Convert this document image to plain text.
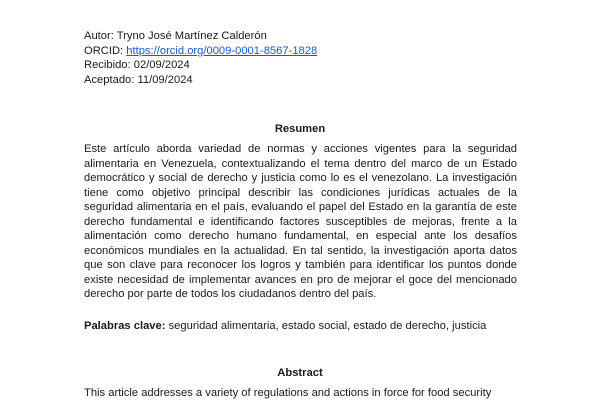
Autor: Tryno José Martínez Calderón
ORCID: https://orcid.org/0009-0001-8567-1828
Recibido: 02/09/2024
Aceptado: 11/09/2024
Resumen
Este artículo aborda variedad de normas y acciones vigentes para la seguridad alimentaria en Venezuela, contextualizando el tema dentro del marco de un Estado democrático y social de derecho y justicia como lo es el venezolano. La investigación tiene como objetivo principal describir las condiciones jurídicas actuales de la seguridad alimentaria en el país, evaluando el papel del Estado en la garantía de este derecho fundamental e identificando factores susceptibles de mejoras, frente a la alimentación como derecho humano fundamental, en especial ante los desafíos económicos mundiales en la actualidad. En tal sentido, la investigación aporta datos que son clave para reconocer los logros y también para identificar los puntos donde existe necesidad de implementar avances en pro de mejorar el goce del mencionado derecho por parte de todos los ciudadanos dentro del país.
Palabras clave: seguridad alimentaria, estado social, estado de derecho, justicia
Abstract
This article addresses a variety of regulations and actions in force for food security
